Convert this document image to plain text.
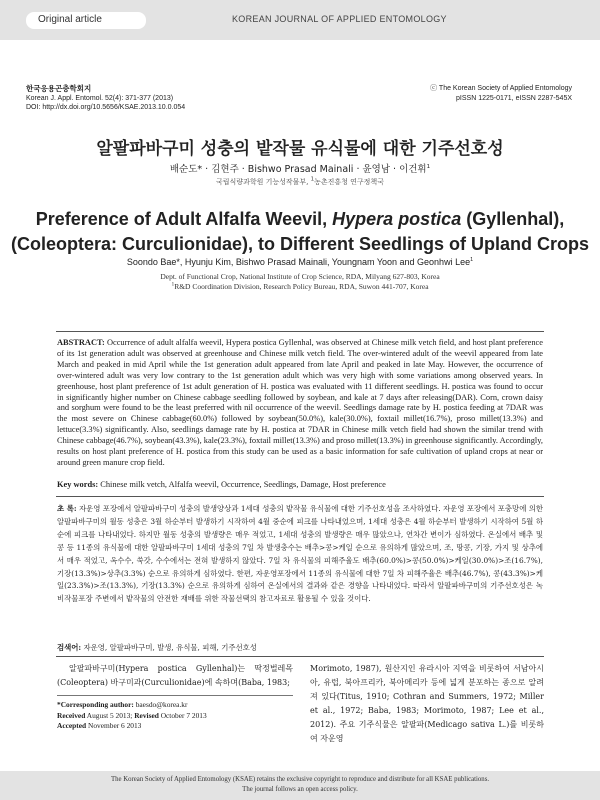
Original article	KOREAN JOURNAL OF APPLIED ENTOMOLOGY
한국응용곤충학회지
Korean J. Appl. Entomol. 52(4): 371-377 (2013)
DOI: http://dx.doi.org/10.5656/KSAE.2013.10.0.054
ⓒ The Korean Society of Applied Entomology
pISSN 1225-0171, eISSN 2287-545X
알팔파바구미 성충의 밭작물 유식물에 대한 기주선호성
배순도* · 김현주 · Bishwo Prasad Mainali · 윤영남 · 이건휘$^1$
국립식량과학원 기능성작물부, $^1$농촌진흥청 연구정책국
Preference of Adult Alfalfa Weevil, Hypera postica (Gyllenhal),
(Coleoptera: Curculionidae), to Different Seedlings of Upland Crops
Soondo Bae*, Hyunju Kim, Bishwo Prasad Mainali, Youngnam Yoon and Geonhwi Lee$^1$
Dept. of Functional Crop, National Institute of Crop Science, RDA, Milyang 627-803, Korea
$^1$R&D Coordination Division, Research Policy Bureau, RDA, Suwon 441-707, Korea
ABSTRACT: Occurrence of adult alfalfa weevil, Hypera postica Gyllenhal, was observed at Chinese milk vetch field, and host plant preference of its 1st generation adult was observed at greenhouse and Chinese milk vetch field. The over-wintered adult of the weevil appeared from late March and peaked in mid April while the 1st generation adult appeared from late April and peaked in late May. However, the occurrence of over-wintered adult was very low contrary to the 1st generation adult which was very high with some variations among observed years. In greenhouse, host plant preference of 1st adult generation of H. postica was evaluated with 11 different seedlings. H. postica was found to occur in significantly higher number on Chinese cabbage seedling followed by soybean, and kale at 7 days after releasing(DAR). Corn, crown daisy and sorghum were found to be the least preferred with nil occurrence of the weevil. Seedlings damage rate by H. postica feeding at 7DAR was the most severe on Chinese cabbage(60.0%) followed by soybean(50.0%), kale(30.0%), foxtail millet(16.7%), proso millet(13.3%) and lettuce(3.3%) significantly. Also, seedlings damage rate by H. postica at 7DAR in Chinese milk vetch field had shown the similar trend with Chinese cabbage(46.7%), soybean(43.3%), kale(23.3%), foxtail millet(13.3%) and proso millet(13.3%) in greenhouse significantly. Accordingly, results on host plant preference of H. postica from this study can be used as a basic information for safe cultivation of upland crops at near or around green manure crop field.
Key words: Chinese milk vetch, Alfalfa weevil, Occurrence, Seedlings, Damage, Host preference
초 록: 자운영 포장에서 알팔파바구미 성충의 발생양상과 1세대 성충의 밭작물 유식물에 대한 기주선호성을 조사하였다. 자운영 포장에서 포충망에 의한 알팔파바구미의 월동 성충은 3월 하순부터 발생하기 시작하여 4월 중순에 피크를 나타내었으며, 1세대 성충은 4월 하순부터 발생하기 시작하여 5월 하순에 피크를 나타내었다. 하지만 월동 성충의 발생량은 매우 적었고, 1세대 성충의 발생량은 매우 많았으나, 연차간 변이가 심하였다. 온실에서 배추 및 콩 등 11종의 유식물에 대한 알팔파바구미 1세대 성충의 7일 차 발생충수는 배추>콩>케일 순으로 유의하게 많았으며, 조, 땅콩, 기장, 가지 및 상추에서 매우 적었고, 옥수수, 쑥갓, 수수에서는 전혀 발생하지 않았다. 7일 차 유식물의 피해주율도 배추(60.0%)>콩(50.0%)>케일(30.0%)>조(16.7%), 기장(13.3%)>상추(3.3%) 순으로 유의하게 심하였다. 한편, 자운영포장에서 11종의 유식물에 대한 7일 차 피해주율은 배추(46.7%), 콩(43.3%)>케일(23.3%)>조(13.3%), 기장(13.3%) 순으로 유의하게 심하여 온실에서의 결과와 같은 경향을 나타내었다. 따라서 알팔파바구미의 기주선호성은 녹비작물포장 주변에서 밭작물의 안전한 재배를 위한 작물선택의 참고자료로 활용될 수 있을 것이다.
검색어: 자운영, 알팔파바구미, 발생, 유식물, 피해, 기주선호성

알팔파바구미(Hypera postica Gyllenhal)는 딱정벌레목(Coleoptera) 바구미과(Curculionidae)에 속하며(Baba, 1983;

Morimoto, 1987), 원산지인 유라시아 지역을 비롯하여 서남아시아, 유럽, 북아프리카, 북아메리카 등에 넓게 분포하는 종으로 알려져 있다(Titus, 1910; Cothran and Summers, 1972; Miller et al., 1972; Baba, 1983; Morimoto, 1987; Lee et al., 2012). 주요 기주식물은 알팔파(Medicago sativa L.)를 비롯하여 자운영

*Corresponding author: baesdo@korea.kr
Received August 5 2013; Revised October 7 2013
Accepted November 6 2013
The Korean Society of Applied Entomology (KSAE) retains the exclusive copyright to reproduce and distribute for all KSAE publications.
The journal follows an open access policy.
